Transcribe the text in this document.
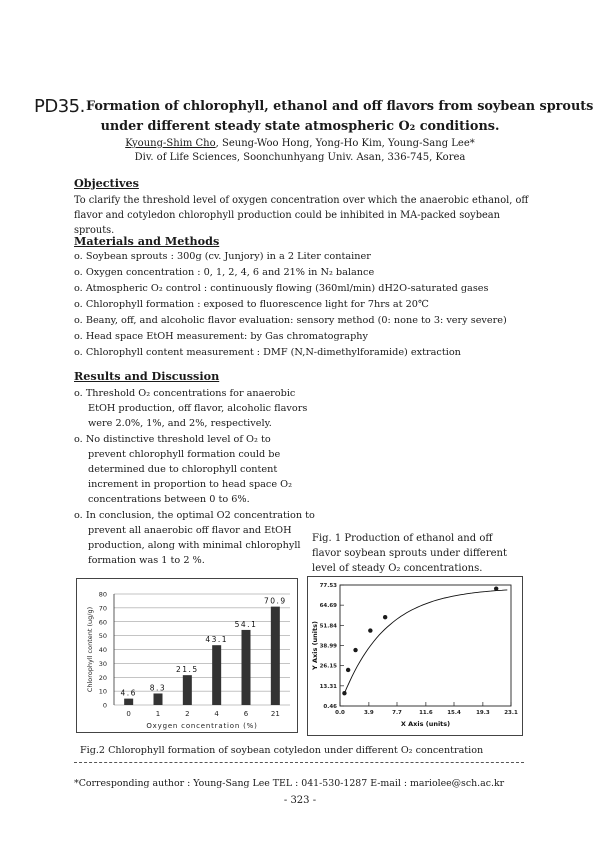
PD35. Formation of chlorophyll, ethanol and off flavors from soybean sprouts
under different steady state atmospheric O₂ conditions.
Kyoung-Shim Cho, Seung-Woo Hong, Yong-Ho Kim, Young-Sang Lee*
Div. of Life Sciences, Soonchunhyang Univ. Asan, 336-745, Korea
Objectives
To clarify the threshold level of oxygen concentration over which the anaerobic ethanol, off flavor and cotyledon chlorophyll production could be inhibited in MA-packed soybean sprouts.
Materials and Methods
o. Soybean sprouts : 300g (cv. Junjory) in a 2 Liter container
o. Oxygen concentration : 0, 1, 2, 4, 6 and 21% in N₂ balance
o. Atmospheric O₂ control : continuously flowing (360ml/min) dH2O-saturated gases
o. Chlorophyll formation : exposed to fluorescence light for 7hrs at 20℃
o. Beany, off, and alcoholic flavor evaluation: sensory method (0: none to 3: very severe)
o. Head space EtOH measurement: by Gas chromatography
o. Chlorophyll content measurement : DMF (N,N-dimethylforamide) extraction
Results and Discussion
o. Threshold O₂ concentrations for anaerobic
EtOH production, off flavor, alcoholic flavors
were 2.0%, 1%, and 2%, respectively.
o. No distinctive threshold level of O₂ to
prevent chlorophyll formation could be
determined due to chlorophyll content
increment in proportion to head space O₂
concentrations between 0 to 6%.
o. In conclusion, the optimal O2 concentration to
prevent all anaerobic off flavor and EtOH
production, along with minimal chlorophyll
formation was 1 to 2 %.
Fig. 1 Production of ethanol and off flavor soybean sprouts under different level of steady O₂ concentrations.
0
10
20
30
40
50
60
70
80
4.6
0
8.3
1
21.5
2
43.1
4
54.1
6
70.9
21
Oxygen concentration (%)
Chlorophyll content (ug/g)
0.46
13.31
26.15
38.99
51.84
64.69
77.53
0.0	3.9	7.7	11.6	15.4	19.3	23.1
X Axis (units)
Y Axis (units)
Fig.2 Chlorophyll formation of soybean cotyledon under different O₂ concentration
*Corresponding author : Young-Sang Lee TEL : 041-530-1287 E-mail : mariolee@sch.ac.kr
- 323 -
